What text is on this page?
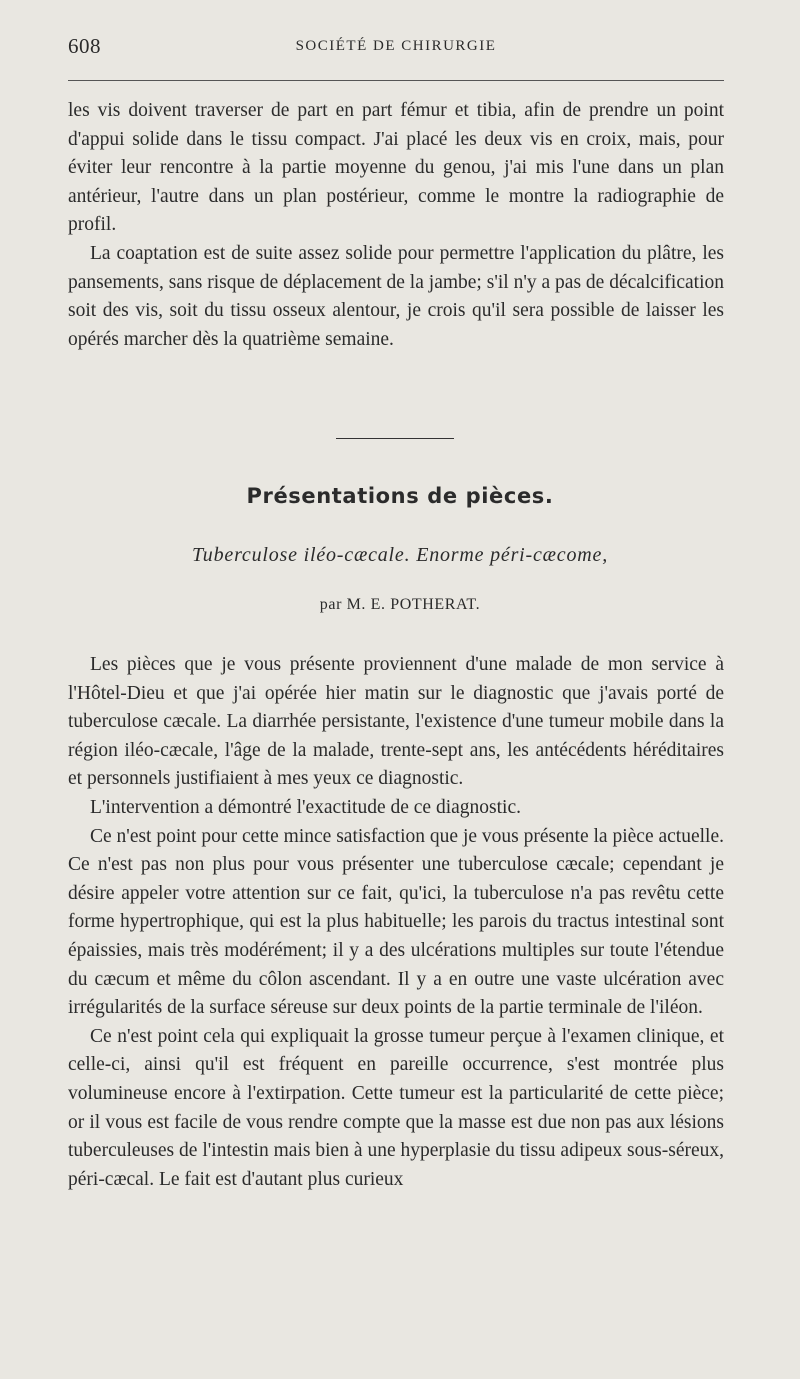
608	SOCIÉTÉ DE CHIRURGIE

les vis doivent traverser de part en part fémur et tibia, afin de prendre un point d'appui solide dans le tissu compact. J'ai placé les deux vis en croix, mais, pour éviter leur rencontre à la partie moyenne du genou, j'ai mis l'une dans un plan antérieur, l'autre dans un plan postérieur, comme le montre la radiographie de profil.

La coaptation est de suite assez solide pour permettre l'application du plâtre, les pansements, sans risque de déplacement de la jambe; s'il n'y a pas de décalcification soit des vis, soit du tissu osseux alentour, je crois qu'il sera possible de laisser les opérés marcher dès la quatrième semaine.

Présentations de pièces.
Tuberculose iléo-cæcale. Enorme péri-cæcome,
par M. E. POTHERAT.

Les pièces que je vous présente proviennent d'une malade de mon service à l'Hôtel-Dieu et que j'ai opérée hier matin sur le diagnostic que j'avais porté de tuberculose cæcale. La diarrhée persistante, l'existence d'une tumeur mobile dans la région iléo-cæcale, l'âge de la malade, trente-sept ans, les antécédents héréditaires et personnels justifiaient à mes yeux ce diagnostic.

L'intervention a démontré l'exactitude de ce diagnostic.

Ce n'est point pour cette mince satisfaction que je vous présente la pièce actuelle. Ce n'est pas non plus pour vous présenter une tuberculose cæcale; cependant je désire appeler votre attention sur ce fait, qu'ici, la tuberculose n'a pas revêtu cette forme hypertrophique, qui est la plus habituelle; les parois du tractus intestinal sont épaissies, mais très modérément; il y a des ulcérations multiples sur toute l'étendue du cæcum et même du côlon ascendant. Il y a en outre une vaste ulcération avec irrégularités de la surface séreuse sur deux points de la partie terminale de l'iléon.

Ce n'est point cela qui expliquait la grosse tumeur perçue à l'examen clinique, et celle-ci, ainsi qu'il est fréquent en pareille occurrence, s'est montrée plus volumineuse encore à l'extirpation. Cette tumeur est la particularité de cette pièce; or il vous est facile de vous rendre compte que la masse est due non pas aux lésions tuberculeuses de l'intestin mais bien à une hyperplasie du tissu adipeux sous-séreux, péri-cæcal. Le fait est d'autant plus curieux
